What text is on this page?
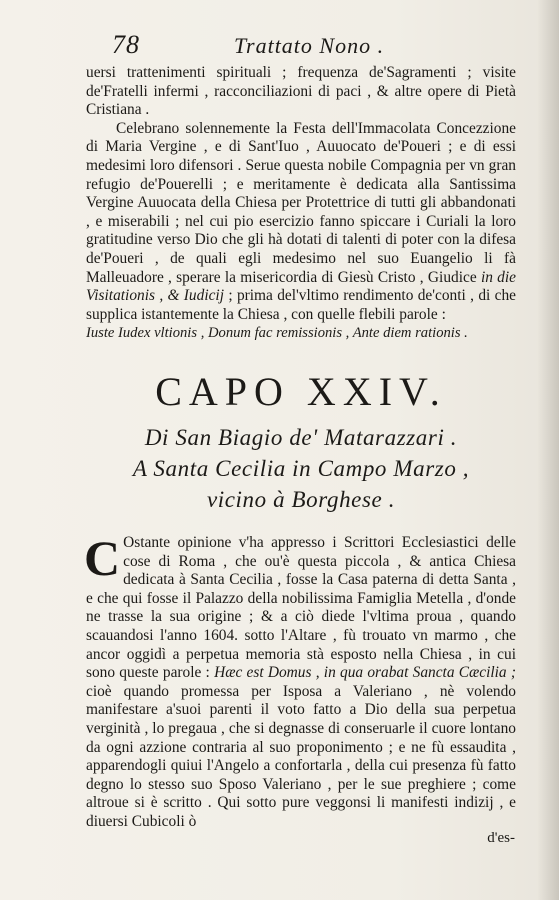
78	Trattato Nono .

uersi trattenimenti spirituali ; frequenza de'Sagramenti ; visite de'Fratelli infermi , racconciliazioni di paci , & altre opere di Pietà Cristiana .

Celebrano solennemente la Festa dell'Immacolata Concezzione di Maria Vergine , e di Sant'Iuo , Auuocato de'Poueri ; e di essi medesimi loro difensori . Serue questa nobile Compagnia per vn gran refugio de'Pouerelli ; e meritamente è dedicata alla Santissima Vergine Auuocata della Chiesa per Protettrice di tutti gli abbandonati , e miserabili ; nel cui pio esercizio fanno spiccare i Curiali la loro gratitudine verso Dio che gli hà dotati di talenti di poter con la difesa de'Poueri , de quali egli medesimo nel suo Euangelio li fà Malleuadore , sperare la misericordia di Giesù Cristo , Giudice in die Visitationis , & Iudicij ; prima del'vltimo rendimento de'conti , di che supplica istantemente la Chiesa , con quelle flebili parole :

Iuste Iudex vltionis , Donum fac remissionis , Ante diem rationis .

CAPO XXIV.
Di San Biagio de' Matarazzari .
A Santa Cecilia in Campo Marzo ,
vicino à Borghese .

C Ostante opinione v'ha appresso i Scrittori Ecclesiastici delle cose di Roma , che ou'è questa piccola , & antica Chiesa dedicata à Santa Cecilia , fosse la Casa paterna di detta Santa , e che qui fosse il Palazzo della nobilissima Famiglia Metella , d'onde ne trasse la sua origine ; & a ciò diede l'vltima proua , quando scauandosi l'anno 1604. sotto l'Altare , fù trouato vn marmo , che ancor oggidì a perpetua memoria stà esposto nella Chiesa , in cui sono queste parole : Hæc est Domus , in qua orabat Sancta Cæcilia ; cioè quando promessa per Isposa a Valeriano , nè volendo manifestare a'suoi parenti il voto fatto a Dio della sua perpetua verginità , lo pregaua , che si degnasse di conseruarle il cuore lontano da ogni azzione contraria al suo proponimento ; e ne fù essaudita , apparendogli quiui l'Angelo a confortarla , della cui presenza fù fatto degno lo stesso suo Sposo Valeriano , per le sue preghiere ; come altroue si è scritto . Qui sotto pure veggonsi li manifesti indizij , e diuersi Cubicoli ò

d'es-
